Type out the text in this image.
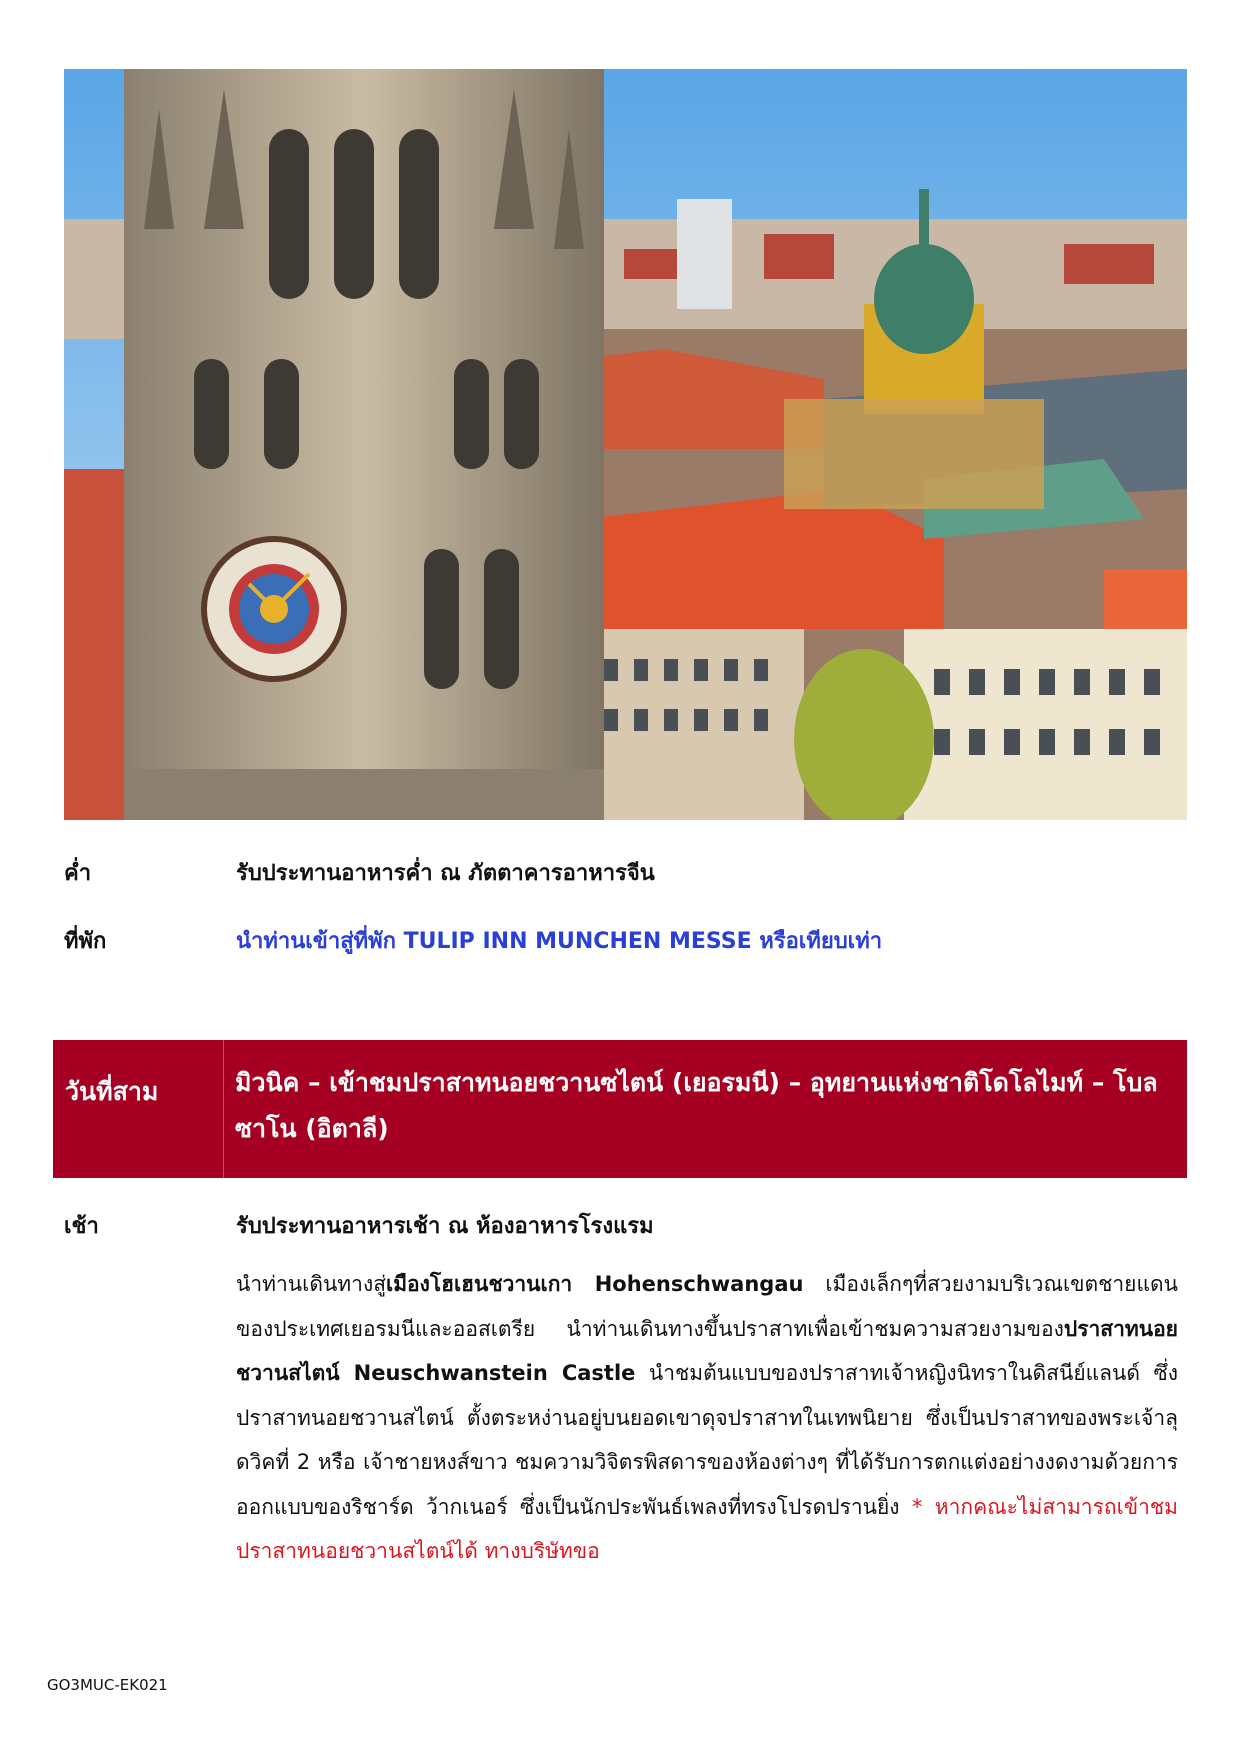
ค่ำ	รับประทานอาหารค่ำ ณ ภัตตาคารอาหารจีน
ที่พัก	นำท่านเข้าสู่ที่พัก TULIP INN MUNCHEN MESSE หรือเทียบเท่า
วันที่สาม	มิวนิค – เข้าชมปราสาทนอยชวานซไตน์ (เยอรมนี) – อุทยานแห่งชาติโดโลไมท์ – โบลซาโน (อิตาลี)
เช้า	รับประทานอาหารเช้า ณ ห้องอาหารโรงแรม

นำท่านเดินทางสู่เมืองโฮเฮนชวานเกา Hohenschwangau เมืองเล็กๆที่สวยงามบริเวณเขตชายแดนของประเทศเยอรมนีและออสเตรีย นำท่านเดินทางขึ้นปราสาทเพื่อเข้าชมความสวยงามของปราสาทนอยชวานสไตน์ Neuschwanstein Castle นำชมต้นแบบของปราสาทเจ้าหญิงนิทราในดิสนีย์แลนด์ ซึ่งปราสาทนอยชวานสไตน์ ตั้งตระหง่านอยู่บนยอดเขาดุจปราสาทในเทพนิยาย ซึ่งเป็นปราสาทของพระเจ้าลุดวิคที่ 2 หรือ เจ้าชายหงส์ขาว ชมความวิจิตรพิสดารของห้องต่างๆ ที่ได้รับการตกแต่งอย่างงดงามด้วยการออกแบบของริชาร์ด ว้ากเนอร์ ซึ่งเป็นนักประพันธ์เพลงที่ทรงโปรดปรานยิ่ง * หากคณะไม่สามารถเข้าชมปราสาทนอยชวานสไตน์ได้ ทางบริษัทขอ

GO3MUC-EK021
